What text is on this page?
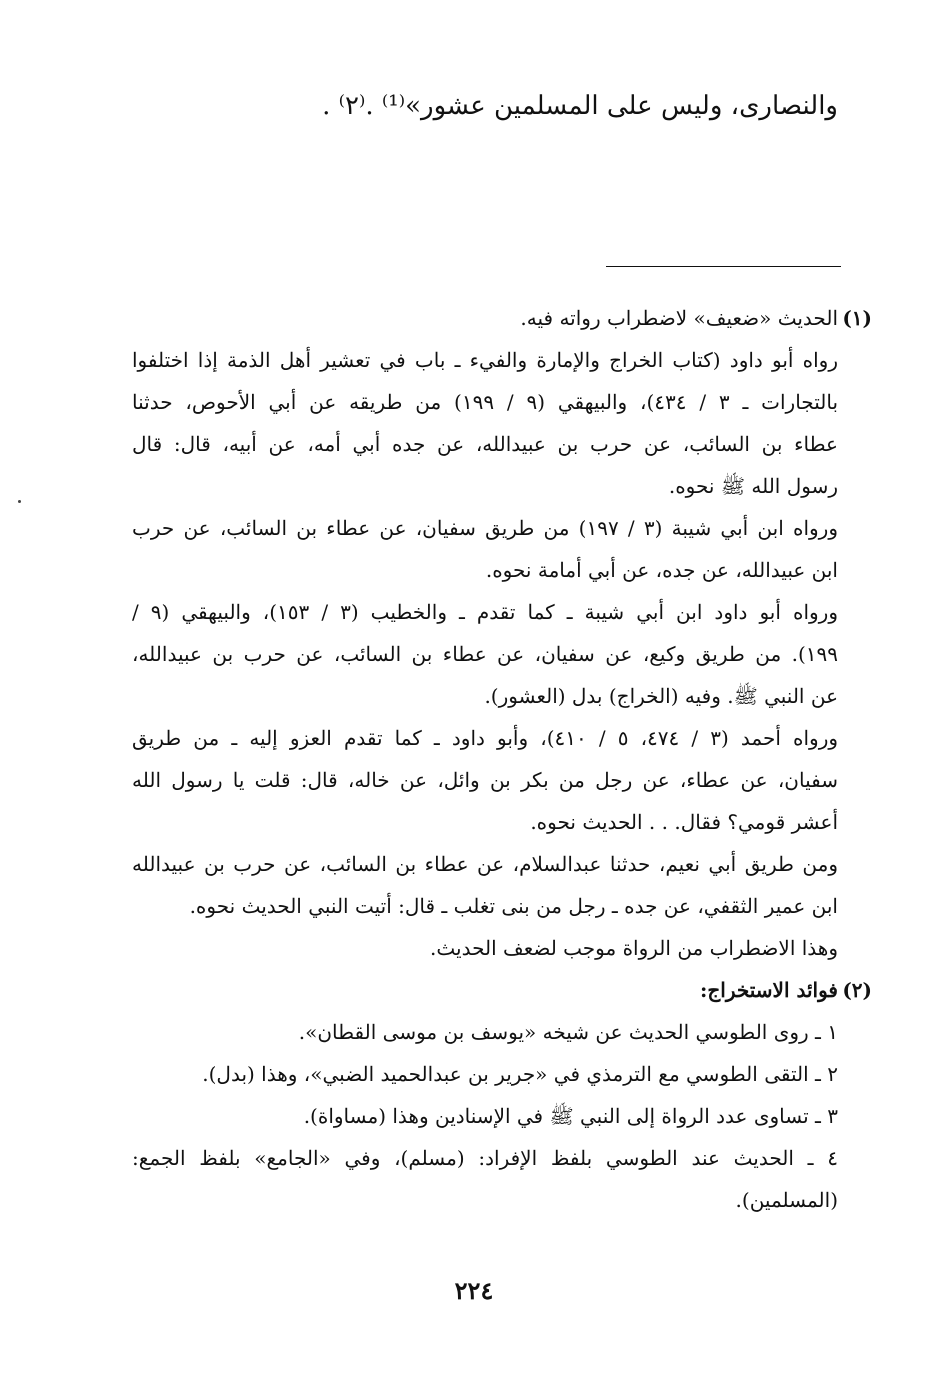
والنصارى، وليس على المسلمين عشور»⁽¹⁾ .⁽٢⁾ .
(١)
الحديث «ضعيف» لاضطراب رواته فيه.
رواه أبو داود (كتاب الخراج والإمارة والفيء ـ باب في تعشير أهل الذمة إذا اختلفوا
بالتجارات ـ ٣ / ٤٣٤)، والبيهقي (٩ / ١٩٩) من طريقه عن أبي الأحوص، حدثنا
عطاء بن السائب، عن حرب بن عبيدالله، عن جده أبي أمه، عن أبيه، قال: قال
رسول الله ﷺ نحوه.
ورواه ابن أبي شيبة (٣ / ١٩٧) من طريق سفيان، عن عطاء بن السائب، عن حرب
ابن عبيدالله، عن جده، عن أبي أمامة نحوه.
ورواه أبو داود ابن أبي شيبة ـ كما تقدم ـ والخطيب (٣ / ١٥٣)، والبيهقي (٩ /
١٩٩). من طريق وكيع، عن سفيان، عن عطاء بن السائب، عن حرب بن عبيدالله،
عن النبي ﷺ. وفيه (الخراج) بدل (العشور).
ورواه أحمد (٣ / ٤٧٤، ٥ / ٤١٠)، وأبو داود ـ كما تقدم العزو إليه ـ من طريق
سفيان، عن عطاء، عن رجل من بكر بن وائل، عن خاله، قال: قلت يا رسول الله
أعشر قومي؟ فقال. . . الحديث نحوه.
ومن طريق أبي نعيم، حدثنا عبدالسلام، عن عطاء بن السائب، عن حرب بن عبيدالله
ابن عمير الثقفي، عن جده ـ رجل من بنى تغلب ـ قال: أتيت النبي الحديث نحوه.
وهذا الاضطراب من الرواة موجب لضعف الحديث.
(٢)
فوائد الاستخراج:
١ ـ روى الطوسي الحديث عن شيخه «يوسف بن موسى القطان».
٢ ـ التقى الطوسي مع الترمذي في «جرير بن عبدالحميد الضبي»، وهذا (بدل).
٣ ـ تساوى عدد الرواة إلى النبي ﷺ في الإسنادين وهذا (مساواة).
٤ ـ الحديث عند الطوسي بلفظ الإفراد: (مسلم)، وفي «الجامع» بلفظ الجمع:
(المسلمين).
٢٢٤
